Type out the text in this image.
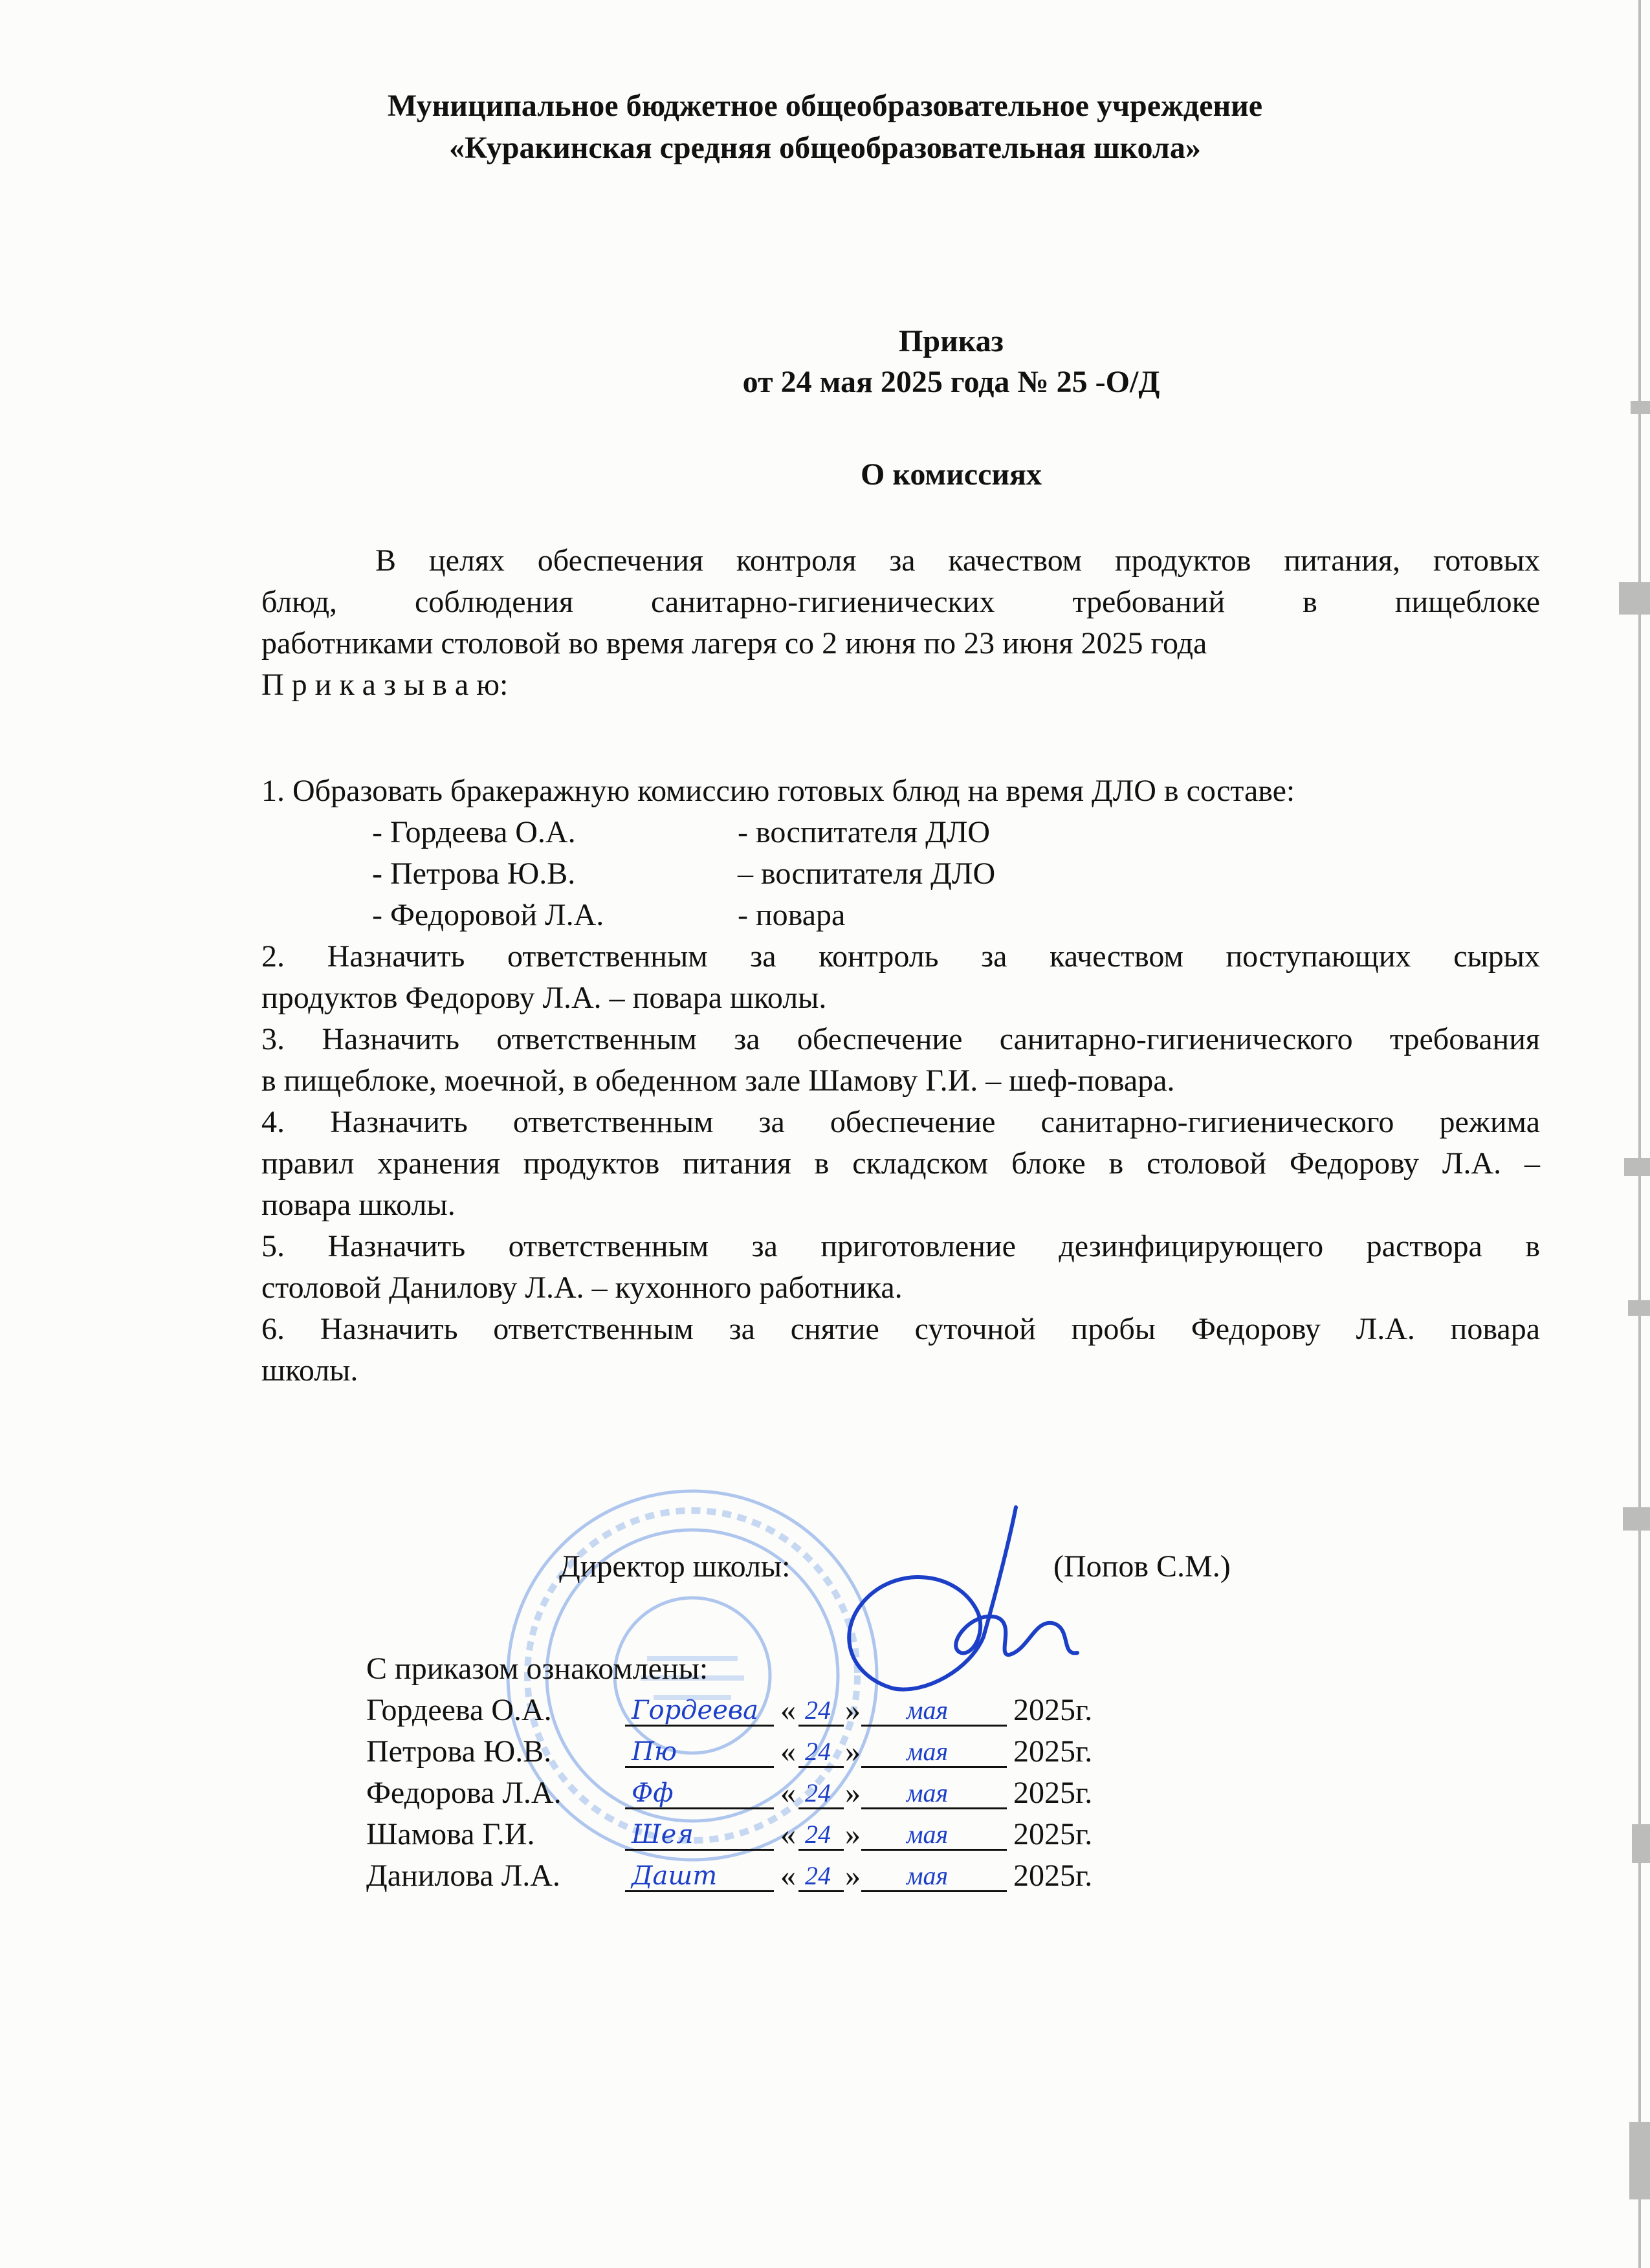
Муниципальное бюджетное общеобразовательное учреждение
«Куракинская средняя общеобразовательная школа»
Приказ
от 24 мая 2025 года № 25 -О/Д
О комиссиях
В целях обеспечения контроля за качеством продуктов питания, готовых
блюд, соблюдения санитарно-гигиенических требований в пищеблоке
работниками столовой во время лагеря со 2 июня по 23 июня 2025 года
П р и к а з ы в а ю:
1. Образовать бракеражную комиссию готовых блюд на время ДЛО в составе:
- Гордеева О.А.	- воспитателя ДЛО
- Петрова Ю.В.	– воспитателя ДЛО
- Федоровой Л.А.	- повара
2. Назначить ответственным за контроль за качеством поступающих сырых
продуктов Федорову Л.А. – повара школы.
3. Назначить ответственным за обеспечение санитарно-гигиенического требования
в пищеблоке, моечной, в обеденном зале Шамову Г.И. – шеф-повара.
4. Назначить ответственным за обеспечение санитарно-гигиенического режима
правил хранения продуктов питания в складском блоке в столовой Федорову Л.А. –
повара школы.
5. Назначить ответственным за приготовление дезинфицирующего раствора в
столовой Данилову Л.А. – кухонного работника.
6. Назначить ответственным за снятие суточной пробы Федорову Л.А. повара
школы.
Директор школы:	(Попов С.М.)
С приказом ознакомлены:
Гордеева О.А.	Гордеева « 24 » мая 2025г.
Петрова Ю.В.	Пю	« 24 » мая 2025г.
Федорова Л.А.	Фф	« 24 » мая 2025г.
Шамова Г.И.	Шея	« 24 » мая 2025г.
Данилова Л.А.	Дашт « 24 » мая 2025г.
